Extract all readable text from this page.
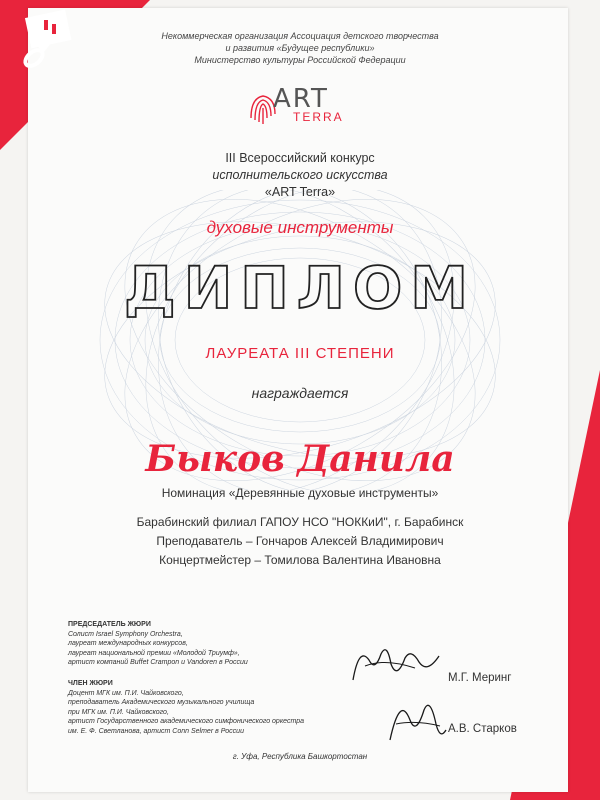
Некоммерческая организация Ассоциация детского творчества
и развития «Будущее республики»
Министерство культуры Российской Федерации
ART
TERRA
III Всероссийский конкурс
исполнительского искусства
«ART Terra»
духовые инструменты
ДИПЛОМ
ЛАУРЕАТА III СТЕПЕНИ
награждается
Быков Данила
Номинация «Деревянные духовые инструменты»
Барабинский филиал ГАПОУ НСО "НОККиИ", г. Барабинск
Преподаватель – Гончаров Алексей Владимирович
Концертмейстер – Томилова Валентина Ивановна
ПРЕДСЕДАТЕЛЬ ЖЮРИ
Солист Israel Symphony Orchestra,
лауреат международных конкурсов,
лауреат национальной премии «Молодой Триумф»,
артист компаний Buffet Crampon и Vandoren в России
ЧЛЕН ЖЮРИ
Доцент МГК им. П.И. Чайковского,
преподаватель Академического музыкального училища
при МГК им. П.И. Чайковского,
артист Государственного академического симфонического оркестра
им. Е. Ф. Светланова, артист Conn Selmer в России
М.Г. Меринг
А.В. Старков
г. Уфа, Республика Башкортостан
